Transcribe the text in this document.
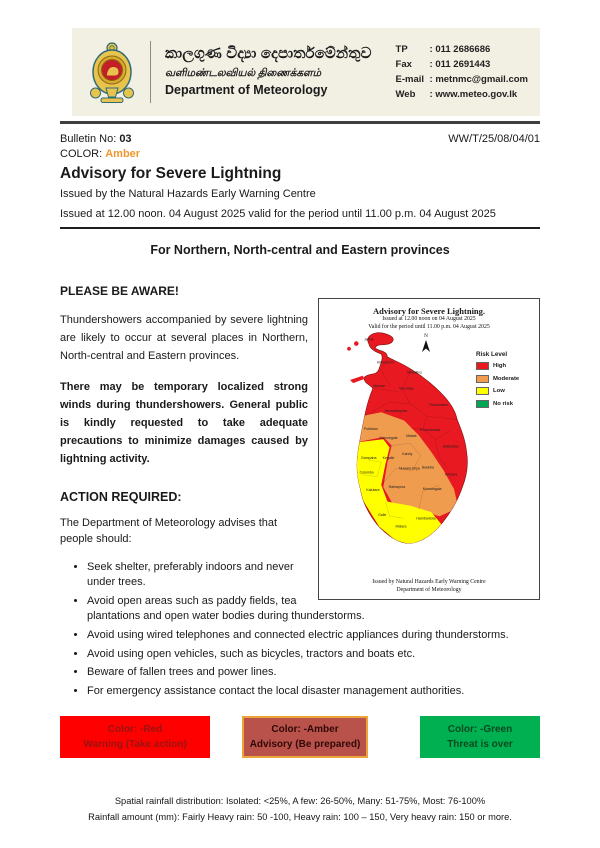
කාලගුණ විද්‍යා දෙපාර්තමේන්තුව
வளிமண்டலவியல் திணைக்களம்
Department of Meteorology
TP	: 011 2686686
Fax	: 011 2691443
E-mail : metnmc@gmail.com
Web	: www.meteo.gov.lk
Bulletin No: 03	WW/T/25/08/04/01
COLOR: Amber
Advisory for Severe Lightning
Issued by the Natural Hazards Early Warning Centre
Issued at 12.00 noon. 04 August 2025 valid for the period until 11.00 p.m. 04 August 2025
For Northern, North-central and Eastern provinces
Advisory for Severe Lightning.
Issued at 12.00 noon on 04 August 2025
Valid for the period until 11.00 p.m. 04 August 2025
N
Risk Level
High
Moderate
Low
No risk
Jaffna
Kilinochchi
Mullaitivu
Mannar
Vavuniya
Anuradhapura
Trincomalee
Polonnaruwa
Batticaloa
Puttalam
Kurunegala
Matale
Kandy
Nuwara Eliya Badulla
Ampara
Monaragala
Gampaha Kegalle
Colombo
Kalutara
Ratnapura
Galle
Matara
Hambantota
Issued by Natural Hazards Early Warning Centre
Department of Meteorology
PLEASE BE AWARE!

Thundershowers accompanied by severe lightning are likely to occur at several places in Northern, North-central and Eastern provinces.

There may be temporary localized strong winds during thundershowers. General public is kindly requested to take adequate precautions to minimize damages caused by lightning activity.

ACTION REQUIRED:

The Department of Meteorology advises that people should:

• Seek shelter, preferably indoors and never under trees.
• Avoid open areas such as paddy fields, tea plantations and open water bodies during thunderstorms.
• Avoid using wired telephones and connected electric appliances during thunderstorms.
• Avoid using open vehicles, such as bicycles, tractors and boats etc.
• Beware of fallen trees and power lines.
• For emergency assistance contact the local disaster management authorities.
Color: -Red
Warning (Take action)
Color: -Amber
Advisory (Be prepared)
Color: -Green
Threat is over
Spatial rainfall distribution: Isolated: <25%, A few: 26-50%, Many: 51-75%, Most: 76-100%
Rainfall amount (mm): Fairly Heavy rain: 50 -100, Heavy rain: 100 – 150, Very heavy rain: 150 or more.
